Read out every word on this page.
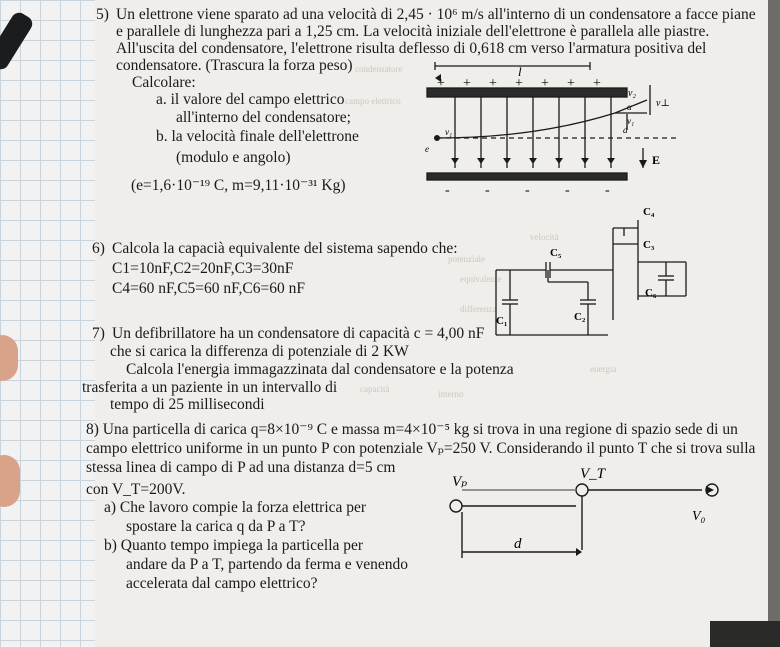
condensatore
campo elettrico
potenziale
energia
velocità
interno
capacità
equivalente
differenza
5) Un elettrone viene sparato ad una velocità di 2,45 · 10⁶ m/s all'interno di un condensatore a facce piane
e parallele di lunghezza pari a 1,25 cm. La velocità iniziale dell'elettrone è parallela alle piastre.
All'uscita del condensatore, l'elettrone risulta deflesso di 0,618 cm verso l'armatura positiva del
condensatore. (Trascura la forza peso)
Calcolare:
a. il valore del campo elettrico
all'interno del condensatore;
b. la velocità finale dell'elettrone
(modulo e angolo)
(e=1,6·10⁻¹⁹ C, m=9,11·10⁻³¹ Kg)
l
+ + + + + + +
-	-	-	-	-
v₂
v⊥
α
v₁
d
v₁
e
E
6) Calcola la capacià equivalente del sistema sapendo che:
C1=10nF,C2=20nF,C3=30nF
C4=60 nF,C5=60 nF,C6=60 nF
C₄
C₃
C₅
C₆
C₁	C₂
7) Un defibrillatore ha un condensatore di capacità c = 4,00 nF
che si carica la differenza di potenziale di 2 KW
Calcola l'energia immagazzinata dal condensatore e la potenza
trasferita a un paziente in un intervallo di
tempo di 25 millisecondi
8) Una particella di carica q=8×10⁻⁹ C e massa m=4×10⁻⁵ kg si trova in una regione di spazio sede di un
campo elettrico uniforme in un punto P con potenziale Vₚ=250 V. Considerando il punto T che si trova sulla
stessa linea di campo di P ad una distanza d=5 cm
con V_T=200V.
a) Che lavoro compie la forza elettrica per
spostare la carica q da P a T?
b) Quanto tempo impiega la particella per
andare da P a T, partendo da ferma e venendo
accelerata dal campo elettrico?
Vₚ	V_T
V₀
d
